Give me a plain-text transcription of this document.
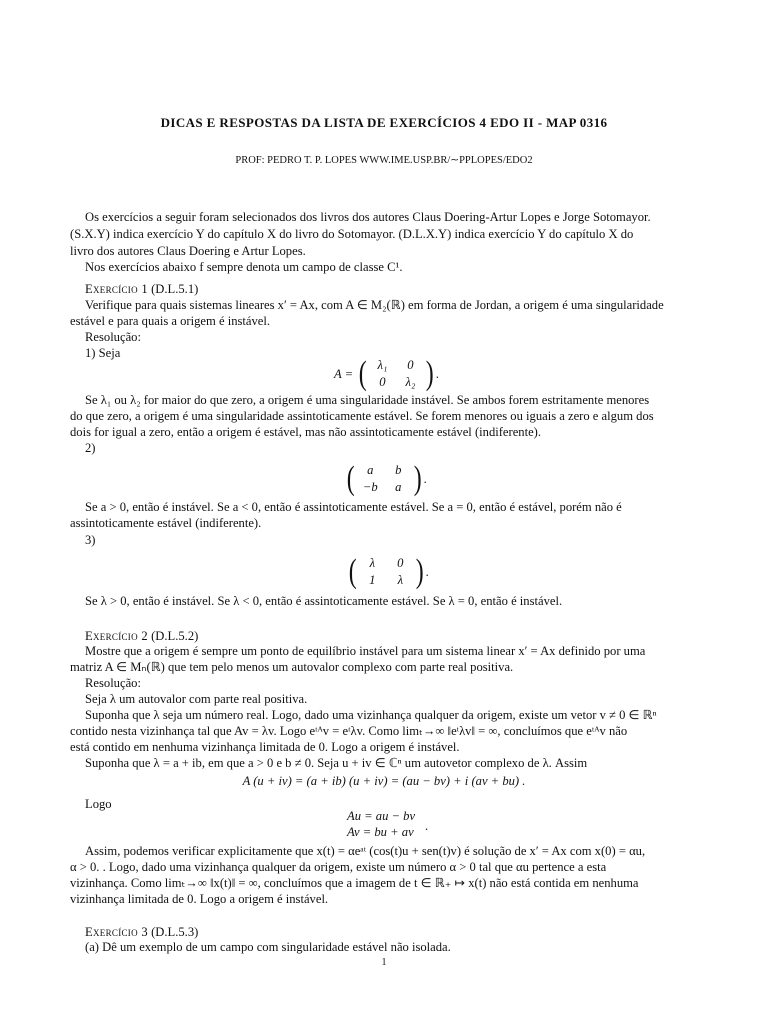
DICAS E RESPOSTAS DA LISTA DE EXERCÍCIOS 4 EDO II - MAP 0316
PROF: PEDRO T. P. LOPES WWW.IME.USP.BR/∼PPLOPES/EDO2
Os exercícios a seguir foram selecionados dos livros dos autores Claus Doering-Artur Lopes e Jorge Sotomayor.
(S.X.Y) indica exercício Y do capítulo X do livro do Sotomayor. (D.L.X.Y) indica exercício Y do capítulo X do
livro dos autores Claus Doering e Artur Lopes.
Nos exercícios abaixo f sempre denota um campo de classe C¹.
Exercício 1 (D.L.5.1)
Verifique para quais sistemas lineares x′ = Ax, com A ∈ M₂(ℝ) em forma de Jordan, a origem é uma singularidade
estável e para quais a origem é instável.
Resolução:
1) Seja
A = ( λ₁	0
0	λ₂ ) .
Se λ₁ ou λ₂ for maior do que zero, a origem é uma singularidade instável. Se ambos forem estritamente menores
do que zero, a origem é uma singularidade assintoticamente estável. Se forem menores ou iguais a zero e algum dos
dois for igual a zero, então a origem é estável, mas não assintoticamente estável (indiferente).
2)
( a	b
−b	a ) .
Se a > 0, então é instável. Se a < 0, então é assintoticamente estável. Se a = 0, então é estável, porém não é
assintoticamente estável (indiferente).
3)
(	λ	0
1	λ ) .
Se λ > 0, então é instável. Se λ < 0, então é assintoticamente estável. Se λ = 0, então é instável.
Exercício 2 (D.L.5.2)
Mostre que a origem é sempre um ponto de equilíbrio instável para um sistema linear x′ = Ax definido por uma
matriz A ∈ Mₙ(ℝ) que tem pelo menos um autovalor complexo com parte real positiva.
Resolução:
Seja λ um autovalor com parte real positiva.
Suponha que λ seja um número real. Logo, dado uma vizinhança qualquer da origem, existe um vetor v ≠ 0 ∈ ℝⁿ
contido nesta vizinhança tal que Av = λv. Logo eᵗᴬv = eᵗλv. Como limₜ→∞ ‖eᵗλv‖ = ∞, concluímos que eᵗᴬv não
está contido em nenhuma vizinhança limitada de 0. Logo a origem é instável.
Suponha que λ = a + ib, em que a > 0 e b ≠ 0. Seja u + iv ∈ ℂⁿ um autovetor complexo de λ. Assim
A (u + iv) = (a + ib) (u + iv) = (au − bv) + i (av + bu) .
Logo
Au = au − bv
Av = bu + av .
Assim, podemos verificar explicitamente que x(t) = αeᵃᵗ (cos(t)u + sen(t)v) é solução de x′ = Ax com x(0) = αu,
α > 0. . Logo, dado uma vizinhança qualquer da origem, existe um número α > 0 tal que αu pertence a esta
vizinhança. Como limₜ→∞ ‖x(t)‖ = ∞, concluímos que a imagem de t ∈ ℝ₊ ↦ x(t) não está contida em nenhuma
vizinhança limitada de 0. Logo a origem é instável.
Exercício 3 (D.L.5.3)
(a) Dê um exemplo de um campo com singularidade estável não isolada.
1
